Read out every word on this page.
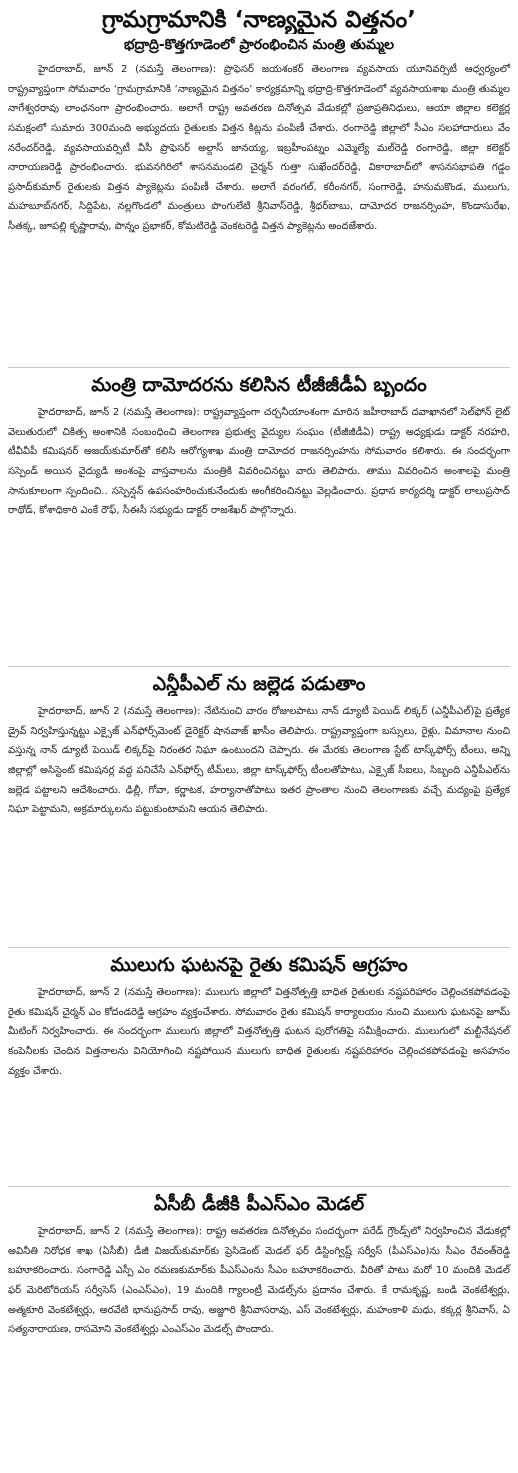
గ్రామగ్రామానికి ‘నాణ్యమైన విత్తనం’
భద్రాద్రి-కొత్తగూడెంలో ప్రారంభించిన మంత్రి తుమ్మల

హైదరాబాద్, జూన్ 2 (నమస్తే తెలంగాణ): ప్రొఫెసర్ జయశంకర్ తెలంగాణ వ్యవసాయ యూనివర్సిటీ ఆధ్వర్యంలో రాష్ట్రవ్యాప్తంగా సోమవారం ‘గ్రామగ్రామానికి ‘నాణ్యమైన విత్తనం’ కార్యక్రమాన్ని భద్రాద్రి-కొత్తగూడెంలో వ్యవసాయశాఖ మంత్రి తుమ్మల నాగేశ్వరరావు లాంఛనంగా ప్రారంభించారు. అలాగే రాష్ట్ర అవతరణ దినోత్సవ వేడుకల్లో ప్రజాప్రతినిధులు, ఆయా జిల్లాల కలెక్టర్ల సమక్షంలో సుమారు 300మంది అభ్యుదయ రైతులకు విత్తన కిట్లను పంపిణీ చేశారు. రంగారెడ్డి జిల్లాలో సీఎం సలహాదారులు వేం నరేందర్‌రెడ్డి, వ్యవసాయవర్సిటీ వీసీ ప్రొఫెసర్ అల్దాస్ జానయ్య, ఇబ్రహీంపట్నం ఎమ్మెల్యే మల్‌రెడ్డి రంగారెడ్డి, జిల్లా కలెక్టర్ నారాయణరెడ్డి ప్రారంభించారు. భువనగిరిలో శాసనమండలి చైర్మన్ గుత్తా సుఖేందర్‌రెడ్డి, వికారాబాద్‌లో శాసనసభాపతి గడ్డం ప్రసాద్‌కుమార్ రైతులకు విత్తన ప్యాకెట్లను పంపిణీ చేశారు. అలాగే వరంగల్, కరీంనగర్, సంగారెడ్డి, హనుమకొండ, ములుగు, మహబూబ్‌నగర్, సిద్దిపేట, నల్లగొండలో మంత్రులు పొంగులేటి శ్రీనివాస్‌రెడ్డి, శ్రీధర్‌బాబు, దామోదర రాజనర్సింహ, కొండాసురేఖ, సీతక్క, జూపల్లి కృష్ణారావు, పొన్నం ప్రభాకర్, కోమటిరెడ్డి వెంకటరెడ్డి విత్తన ప్యాకెట్లను అందజేశారు.

మంత్రి దామోదరను కలిసిన టీజీజీడీఏ బృందం

హైదరాబాద్, జూన్ 2 (నమస్తే తెలంగాణ): రాష్ట్రవ్యాప్తంగా చర్చనీయాంశంగా మారిన జహీరాబాద్ దవాఖానలో సెల్‌ఫోన్ లైట్ వెలుతురులో చికిత్స అంశానికి సంబంధించి తెలంగాణ ప్రభుత్వ వైద్యుల సంఘం (టీజీజీడీఏ) రాష్ట్ర అధ్యక్షుడు డాక్టర్ నరహరి, టీవీవీపీ కమిషనర్ అజయ్‌కుమార్‌తో కలిసి ఆరోగ్యశాఖ మంత్రి దామోదర రాజనర్సింహను సోమవారం కలిశారు. ఈ సందర్భంగా సస్పెండ్ అయిన వైద్యుడి అంశంపై వాస్తవాలను మంత్రికి వివరించినట్టు వారు తెలిపారు. తాము వివరించిన అంశాలపై మంత్రి సానుకూలంగా స్పందించి.. సస్పెన్షన్ ఉపసంహరించుకునేందుకు అంగీకరించినట్టు వెల్లడించారు. ప్రధాన కార్యదర్శి డాక్టర్ లాలుప్రసాద్ రాథోడ్, కోశాధికారి ఎంకే రౌఫ్, సీఈసీ సభ్యుడు డాక్టర్ రాజశేఖర్ పాల్గొన్నారు.

ఎన్డీపీఎల్ ను జల్లెడ పడుతాం

హైదరాబాద్, జూన్ 2 (నమస్తే తెలంగాణ): నేటినుంచి వారం రోజులపాటు నాన్ డ్యూటీ పెయిడ్ లిక్కర్ (ఎన్డీపీఎల్)పై ప్రత్యేక డ్రైవ్ నిర్వహిస్తున్నట్టు ఎక్సైజ్ ఎన్‌ఫోర్స్‌మెంట్ డైరెక్టర్ షానవాజ్ ఖాసీం తెలిపారు. రాష్ట్రవ్యాప్తంగా బస్సులు, రైళ్లు, విమానాల నుంచి వస్తున్న నాన్ డ్యూటీ పెయిడ్ లిక్కర్‌పై నిరంతర నిఘా ఉంటుందని చెప్పారు. ఈ మేరకు తెలంగాణ స్టేట్ టాస్క్‌ఫోర్స్ టీంలు, అన్ని జిల్లాల్లో అసిస్టెంట్ కమిషనర్ల వద్ద పనిచేసే ఎన్‌ఫోర్స్ టీమ్‌లు, జిల్లా టాస్క్‌ఫోర్స్ టీంలతోపాటు, ఎక్సైజ్ సీఐలు, సిబ్బంది ఎన్డీపీఎల్‌ను జల్లెడ పట్టాలని ఆదేశించారు. ఢిల్లీ, గోవా, కర్ణాటక, హర్యానాతోపాటు ఇతర ప్రాంతాల నుంచి తెలంగాణకు వచ్చే మద్యంపై ప్రత్యేక నిఘా పెట్టామని, అక్రమార్కులను పట్టుకుంటామని ఆయన తెలిపారు.

ములుగు ఘటనపై రైతు కమిషన్ ఆగ్రహం

హైదరాబాద్, జూన్ 2 (నమస్తే తెలంగాణ): ములుగు జిల్లాలో విత్తనోత్పత్తి బాధిత రైతులకు నష్టపరిహారం చెల్లించకపోవడంపై రైతు కమిషన్ చైర్మన్ ఎం కోదండరెడ్డి ఆగ్రహం వ్యక్తంచేశారు. సోమవారం రైతు కమిషన్ కార్యాలయం నుంచి ములుగు ఘటనపై జూమ్ మీటింగ్ నిర్వహించారు. ఈ సందర్భంగా ములుగు జిల్లాలో విత్తనోత్పత్తి ఘటన పురోగతిపై సమీక్షించారు. ములుగులో మల్టీనేషనల్ కంపెనీలకు చెందిన విత్తనాలను వినియోగించి నష్టపోయిన ములుగు బాధిత రైతులకు నష్టపరిహారం చెల్లించకపోవడంపై అసహనం వ్యక్తం చేశారు.

ఏసీబీ డీజీకి పీఎస్ఎం మెడల్

హైదరాబాద్, జూన్ 2 (నమస్తే తెలంగాణ): రాష్ట్ర అవతరణ దినోత్సవం సందర్భంగా పరేడ్ గ్రౌండ్స్‌లో నిర్వహించిన వేడుకల్లో అవినీతి నిరోధక శాఖ (ఏసీబీ) డీజీ విజయ్‌కుమార్‌కు ప్రెసిడెంట్ మెడల్ ఫర్ డిస్టింగ్విష్డ్ సర్వీస్ (పీఎస్ఎం)ను సీఎం రేవంత్‌రెడ్డి బహూకరించారు. సంగారెడ్డి ఎస్పీ ఎం రమణకుమార్‌కు పీఎస్ఎంను సీఎం బహూకరించారు. వీరితో పాటు మరో 10 మందికి మెడల్ ఫర్ మెరిటోరియస్ సర్వీసెస్ (ఎంఎస్ఎం), 19 మందికి గ్యాలంట్రీ మెడల్స్‌ను ప్రదానం చేశారు. కే రామకృష్ణ, బండి వెంకటేశ్వర్లు, అత్మకూరి వెంకటేశ్వర్లు, అరవేటి భానుప్రసాద్ రావు, అజ్జూరి శ్రీనివాసరావు, ఎస్ వెంకటేశ్వర్లు, మహంకాళి మధు, కక్కర్ల శ్రీనివాస్, ఏ సత్యనారాయణ, రాసమోని వెంకటేశ్వర్లు ఎంఎస్ఎం మెడల్స్ పొందారు.
